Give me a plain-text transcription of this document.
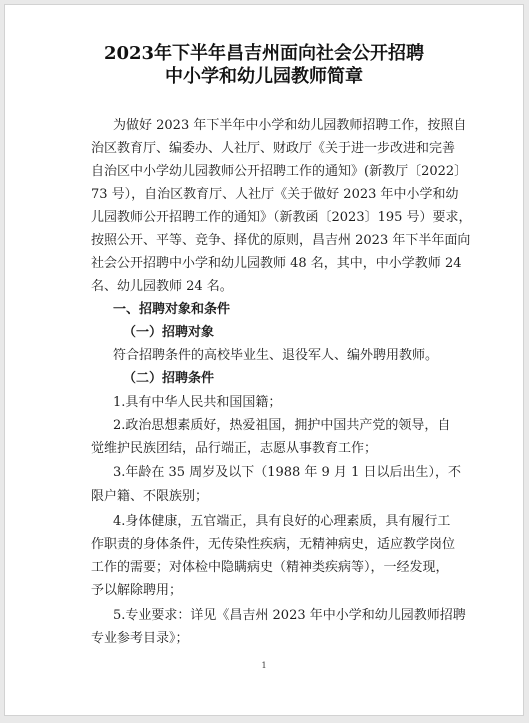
2023年下半年昌吉州面向社会公开招聘
中小学和幼儿园教师简章
为做好 2023 年下半年中小学和幼儿园教师招聘工作，按照自
治区教育厅、编委办、人社厅、财政厅《关于进一步改进和完善
自治区中小学幼儿园教师公开招聘工作的通知》(新教厅〔2022〕
73 号），自治区教育厅、人社厅《关于做好 2023 年中小学和幼
儿园教师公开招聘工作的通知》（新教函〔2023〕195 号）要求，
按照公开、平等、竞争、择优的原则，昌吉州 2023 年下半年面向
社会公开招聘中小学和幼儿园教师 48 名，其中，中小学教师 24
名、幼儿园教师 24 名。
一、招聘对象和条件
（一）招聘对象
符合招聘条件的高校毕业生、退役军人、编外聘用教师。
（二）招聘条件
1.具有中华人民共和国国籍；
2.政治思想素质好，热爱祖国，拥护中国共产党的领导，自
觉维护民族团结，品行端正，志愿从事教育工作；
3.年龄在 35 周岁及以下（1988 年 9 月 1 日以后出生），不
限户籍、不限族别；
4.身体健康，五官端正，具有良好的心理素质，具有履行工
作职责的身体条件，无传染性疾病，无精神病史，适应教学岗位
工作的需要；对体检中隐瞒病史（精神类疾病等），一经发现，
予以解除聘用；
5.专业要求：详见《昌吉州 2023 年中小学和幼儿园教师招聘
专业参考目录》；
1
